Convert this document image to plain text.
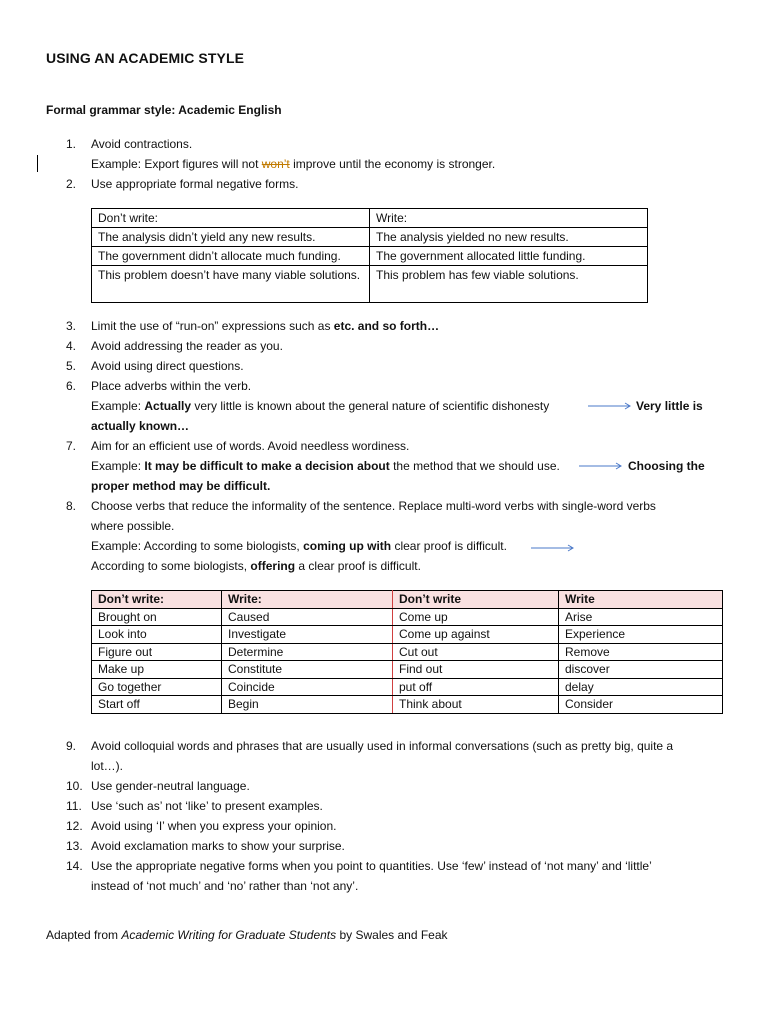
USING AN ACADEMIC STYLE
Formal grammar style: Academic English
1.	Avoid contractions.
Example: Export figures will not won’t improve until the economy is stronger.
2.	Use appropriate formal negative forms.
Don’t write:	Write:
The analysis didn’t yield any new results.	The analysis yielded no new results.
The government didn’t allocate much funding.	The government allocated little funding.
This problem doesn’t have many viable solutions.	This problem has few viable solutions.
3.	Limit the use of “run-on” expressions such as etc. and so forth…
4.	Avoid addressing the reader as you.
5.	Avoid using direct questions.
6.	Place adverbs within the verb.
Example: Actually very little is known about the general nature of scientific dishonesty	Very little is
actually known…
7.	Aim for an efficient use of words. Avoid needless wordiness.
Example: It may be difficult to make a decision about the method that we should use.	Choosing the
proper method may be difficult.
8.	Choose verbs that reduce the informality of the sentence. Replace multi-word verbs with single-word verbs
where possible.
Example: According to some biologists, coming up with clear proof is difficult.
According to some biologists, offering a clear proof is difficult.
Don’t write:	Write:	Don’t write	Write
Brought on	Caused	Come up	Arise
Look into	Investigate	Come up against	Experience
Figure out	Determine	Cut out	Remove
Make up	Constitute	Find out	discover
Go together	Coincide	put off	delay
Start off	Begin	Think about	Consider
9.	Avoid colloquial words and phrases that are usually used in informal conversations (such as pretty big, quite a
lot…).
10. Use gender-neutral language.
11. Use ‘such as’ not ‘like’ to present examples.
12. Avoid using ‘I’ when you express your opinion.
13. Avoid exclamation marks to show your surprise.
14. Use the appropriate negative forms when you point to quantities. Use ‘few’ instead of ‘not many’ and ‘little’
instead of ‘not much’ and ‘no’ rather than ‘not any’.
Adapted from Academic Writing for Graduate Students by Swales and Feak
